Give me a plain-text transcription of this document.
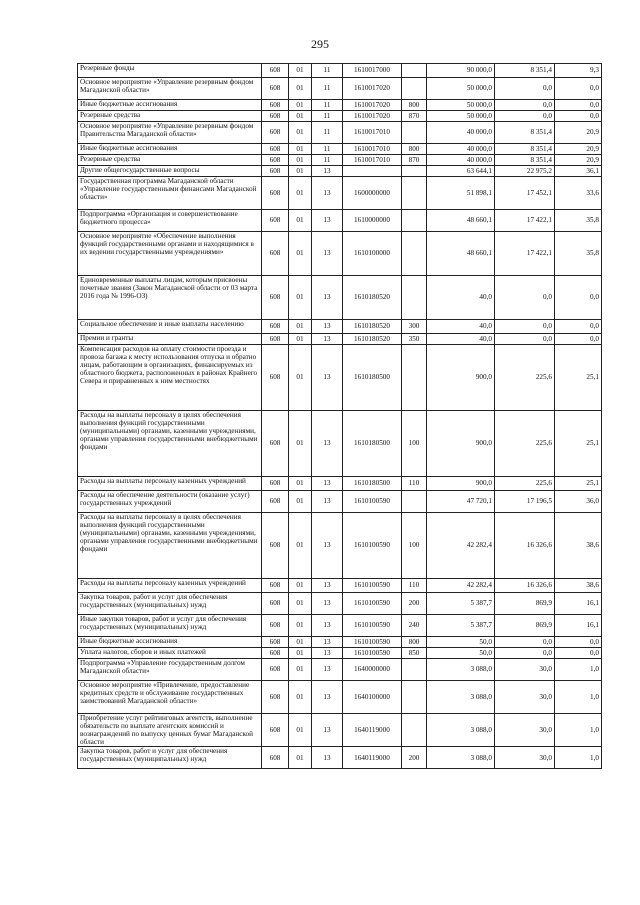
295
Резервные фонды	608	01	11	1610017000		90 000,0	8 351,4	9,3
Основное мероприятие «Управление резервным фондом Магаданской области»	608	01	11	1610017020		50 000,0	0,0	0,0
Иные бюджетные ассигнования	608	01	11	1610017020	800	50 000,0	0,0	0,0
Резервные средства	608	01	11	1610017020	870	50 000,0	0,0	0,0
Основное мероприятие «Управление резервным фондом Правительства Магаданской области»	608	01	11	1610017010		40 000,0	8 351,4	20,9
Иные бюджетные ассигнования	608	01	11	1610017010	800	40 000,0	8 351,4	20,9
Резервные средства	608	01	11	1610017010	870	40 000,0	8 351,4	20,9
Другие общегосударственные вопросы	608	01	13			63 644,1	22 975,2	36,1
Государственная программа Магаданской области «Управление государственными финансами Магаданской области»	608	01	13	1600000000		51 898,1	17 452,1	33,6
Подпрограмма «Организация и совершенствование бюджетного процесса»	608	01	13	1610000000		48 660,1	17 422,1	35,8
Основное мероприятие «Обеспечение выполнения функций государственными органами и находящимися в их ведении государственными учреждениями»	608	01	13	1610100000		48 660,1	17 422,1	35,8
Единовременные выплаты лицам, которым присвоены почетные звания (Закон Магаданской области от 03 марта 2016 года № 1996-ОЗ)	608	01	13	1610180520		40,0	0,0	0,0
Социальное обеспечение и иные выплаты населению	608	01	13	1610180520	300	40,0	0,0	0,0
Премии и гранты	608	01	13	1610180520	350	40,0	0,0	0,0
Компенсация расходов на оплату стоимости проезда и провоза багажа к месту использования отпуска и обратно лицам, работающим в организациях, финансируемых из областного бюджета, расположенных в районах Крайнего Севера и приравненных к ним местностях	608	01	13	1610180500		900,0	225,6	25,1
Расходы на выплаты персоналу в целях обеспечения выполнения функций государственными (муниципальными) органами, казенными учреждениями, органами управления государственными внебюджетными фондами	608	01	13	1610180500	100	900,0	225,6	25,1
Расходы на выплаты персоналу казенных учреждений	608	01	13	1610180500	110	900,0	225,6	25,1
Расходы на обеспечение деятельности (оказание услуг) государственных учреждений	608	01	13	1610100590		47 720,1	17 196,5	36,0
Расходы на выплаты персоналу в целях обеспечения выполнения функций государственными (муниципальными) органами, казенными учреждениями, органами управления государственными внебюджетными фондами	608	01	13	1610100590	100	42 282,4	16 326,6	38,6
Расходы на выплаты персоналу казенных учреждений	608	01	13	1610100590	110	42 282,4	16 326,6	38,6
Закупка товаров, работ и услуг для обеспечения государственных (муниципальных) нужд	608	01	13	1610100590	200	5 387,7	869,9	16,1
Иные закупки товаров, работ и услуг для обеспечения государственных (муниципальных) нужд	608	01	13	1610100590	240	5 387,7	869,9	16,1
Иные бюджетные ассигнования	608	01	13	1610100590	800	50,0	0,0	0,0
Уплата налогов, сборов и иных платежей	608	01	13	1610100590	850	50,0	0,0	0,0
Подпрограмма «Управление государственным долгом Магаданской области»	608	01	13	1640000000		3 088,0	30,0	1,0
Основное мероприятие «Привлечение, предоставление кредитных средств и обслуживание государственных заимствований Магаданской области»	608	01	13	1640100000		3 088,0	30,0	1,0
Приобретение услуг рейтинговых агентств, выполнение обязательств по выплате агентских комиссий и вознаграждений по выпуску ценных бумаг Магаданской области	608	01	13	1640119000		3 088,0	30,0	1,0
Закупка товаров, работ и услуг для обеспечения государственных (муниципальных) нужд	608	01	13	1640119000	200	3 088,0	30,0	1,0
